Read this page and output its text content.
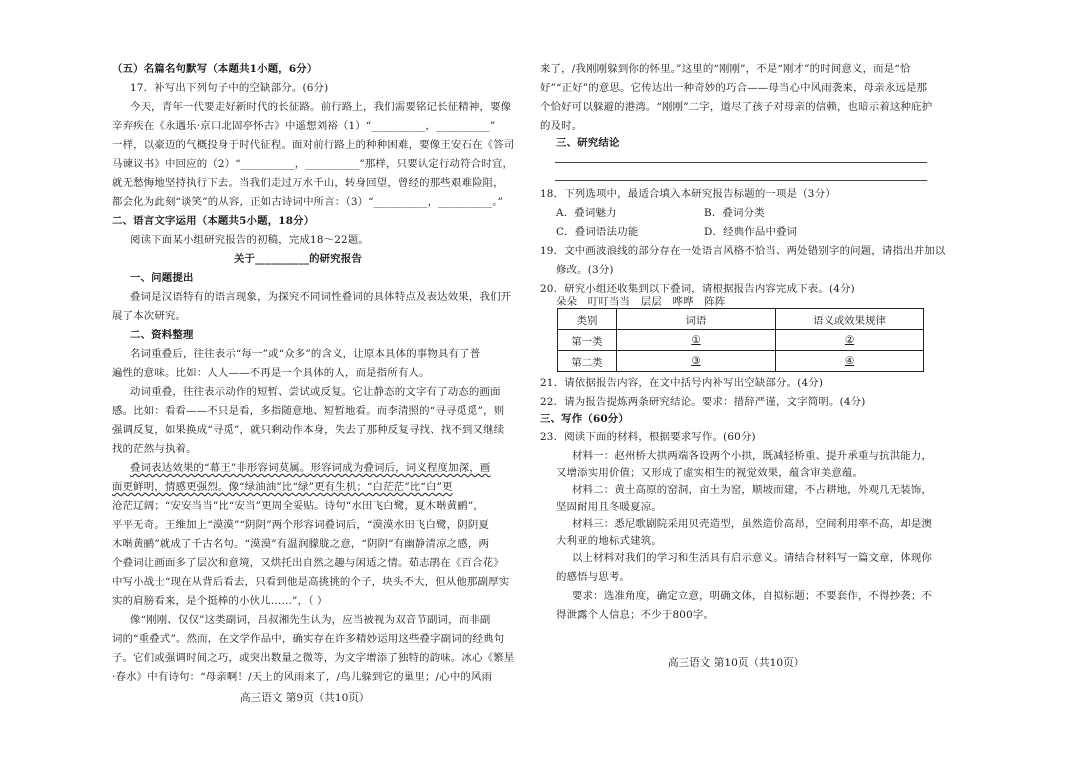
（五）名篇名句默写（本题共1小题，6分）
17．补写出下列句子中的空缺部分。(6分)
今天，青年一代要走好新时代的长征路。前行路上，我们需要铭记长征精神，要像
辛弃疾在《永遇乐·京口北固亭怀古》中遥想刘裕（1）“__________，__________”
一样，以豪迈的气概投身于时代征程。面对前行路上的种种困难，要像王安石在《答司
马谏议书》中回应的（2）“__________，__________”那样，只要认定行动符合时宜，
就无愁悔地坚持执行下去。当我们走过万水千山，转身回望，曾经的那些艰难险阻，
都会化为此刻“谈笑”的从容，正如古诗词中所言：（3）“__________，__________。”
二、语言文字运用（本题共5小题，18分）
阅读下面某小组研究报告的初稿，完成18～22题。
关于__________的研究报告
一、问题提出
叠词是汉语特有的语言现象，为探究不同词性叠词的具体特点及表达效果，我们开
展了本次研究。
二、资料整理
名词重叠后，往往表示“每一”或“众多”的含义，让原本具体的事物具有了普
遍性的意味。比如：人人——不再是一个具体的人，而是指所有人。
动词重叠，往往表示动作的短暂、尝试或反复。它让静态的文字有了动态的画面
感。比如：看看——不只是看，多指随意地、短暂地看。而李清照的“寻寻觅觅”，则
强调反复，如果换成“寻觅”，就只剩动作本身，失去了那种反复寻找、找不到又继续
找的茫然与执着。
叠词表达效果的“幕王”非形容词莫属。形容词成为叠词后，词义程度加深，画
面更鲜明，情感更强烈。像“绿油油”比“绿”更有生机；“白茫茫”比“白”更
沧茫辽阔；“安安当当”比“安当”更周全妥贴。诗句“水田飞白鹭，夏木啭黄鹂”，
平平无奇。王维加上“漠漠”“阴阴”两个形容词叠词后，“漠漠水田飞白鹭，阴阴夏
木啭黄鹂”就成了千古名句。“漠漠”有温润朦胧之意，“阴阴”有幽静清凉之感，两
个叠词让画面多了层次和意境，又烘托出自然之趣与闲适之情。茹志鹃在《百合花》
中写小战士“现在从背后看去，只看到他是高挑挑的个子，块头不大，但从他那副厚实
实的肩膀看来，是个挺棒的小伙儿……”，（ ）
像“刚刚、仅仅”这类副词，吕叔湘先生认为，应当被视为双音节副词，而非副
词的“重叠式”。然而，在文学作品中，确实存在许多精妙运用这些叠字副词的经典句
子。它们或强调时间之巧，或突出数量之微等，为文字增添了独特的韵味。冰心《繁星
·春水》中有诗句：“母亲啊！/天上的风雨来了，/鸟儿躲到它的巢里；/心中的风雨
高三语文 第9页（共10页）
来了，/我刚刚躲到你的怀里。”这里的“刚刚”，不是“刚才”的时间意义，而是“恰
好”“正好”的意思。它传达出一种奇妙的巧合——母当心中风雨袭来，母亲永远是那
个恰好可以躲避的港湾。“刚刚”二字，道尽了孩子对母亲的信赖，也暗示着这种庇护
的及时。
三、研究结论
18．下列选项中，最适合填入本研究报告标题的一项是（3分）
A．叠词魅力	B．叠词分类
C．叠词语法功能	D．经典作品中叠词
19．文中画波浪线的部分存在一处语言风格不恰当、两处错别字的问题，请指出并加以
修改。(3分)
20．研究小组还收集到以下叠词，请根据报告内容完成下表。(4分)
朵朵　叮叮当当　层层　哗哗　阵阵
类别	词语	语义或效果规律
第一类	①	②
第二类	③	④
21．请依据报告内容，在文中括号内补写出空缺部分。(4分)
22．请为报告提炼两条研究结论。要求：措辞严谨，文字简明。(4分)
三、写作（60分）
23．阅读下面的材料，根据要求写作。(60分)
材料一：赵州桥大拱两端各设两个小拱，既减轻桥重、提升承重与抗洪能力，
又增添实用价值；又形成了虚实相生的视觉效果，蕴含审美意蕴。
材料二：黄土高原的窑洞，亩土为窑，顺坡而建，不占耕地，外观几无装饰，
坚固耐用且冬暖夏凉。
材料三：悉尼歌剧院采用贝壳造型，虽然造价高昂，空间利用率不高，却是澳
大利亚的地标式建筑。
以上材料对我们的学习和生活具有启示意义。请结合材料写一篇文章，体现你
的感悟与思考。
要求：选准角度，确定立意，明确文体，自拟标题；不要套作，不得抄袭；不
得泄露个人信息；不少于800字。
高三语文 第10页（共10页）
